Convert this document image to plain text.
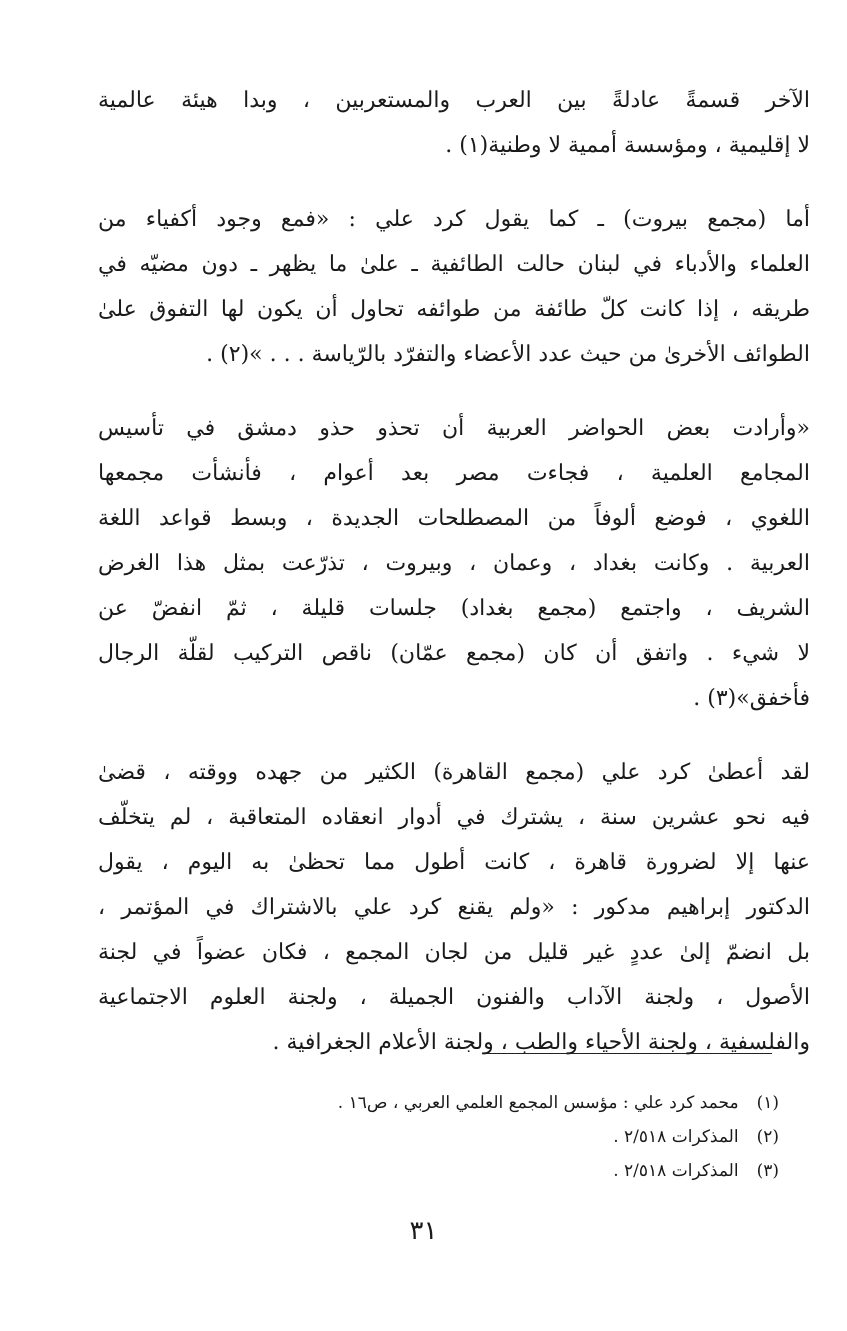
الآخر قسمةً عادلةً بين العرب والمستعربين ، وبدا هيئة عالمية
لا إقليمية ، ومؤسسة أممية لا وطنية(١) .
أما (مجمع بيروت) ـ كما يقول كرد علي : «فمع وجود أكفياء من
العلماء والأدباء في لبنان حالت الطائفية ـ علىٰ ما يظهر ـ دون مضيّه في
طريقه ، إذا كانت كلّ طائفة من طوائفه تحاول أن يكون لها التفوق علىٰ
الطوائف الأخرىٰ من حيث عدد الأعضاء والتفرّد بالرّياسة . . . »(٢) .
«وأرادت بعض الحواضر العربية أن تحذو حذو دمشق في تأسيس
المجامع العلمية ، فجاءت مصر بعد أعوام ، فأنشأت مجمعها
اللغوي ، فوضع ألوفاً من المصطلحات الجديدة ، وبسط قواعد اللغة
العربية . وكانت بغداد ، وعمان ، وبيروت ، تذرّعت بمثل هذا الغرض
الشريف ، واجتمع (مجمع بغداد) جلسات قليلة ، ثمّ انفضّ عن
لا شيء . واتفق أن كان (مجمع عمّان) ناقص التركيب لقلّة الرجال
فأخفق»(٣) .
لقد أعطىٰ كرد علي (مجمع القاهرة) الكثير من جهده ووقته ، قضىٰ
فيه نحو عشرين سنة ، يشترك في أدوار انعقاده المتعاقبة ، لم يتخلّف
عنها إلا لضرورة قاهرة ، كانت أطول مما تحظىٰ به اليوم ، يقول
الدكتور إبراهيم مدكور : «ولم يقنع كرد علي بالاشتراك في المؤتمر ،
بل انضمّ إلىٰ عددٍ غير قليل من لجان المجمع ، فكان عضواً في لجنة
الأصول ، ولجنة الآداب والفنون الجميلة ، ولجنة العلوم الاجتماعية
والفلسفية ، ولجنة الأحياء والطب ، ولجنة الأعلام الجغرافية .
(١)محمد كرد علي : مؤسس المجمع العلمي العربي ، ص١٦ .
(٢)المذكرات ٢/٥١٨ .
(٣)المذكرات ٢/٥١٨ .
٣١
